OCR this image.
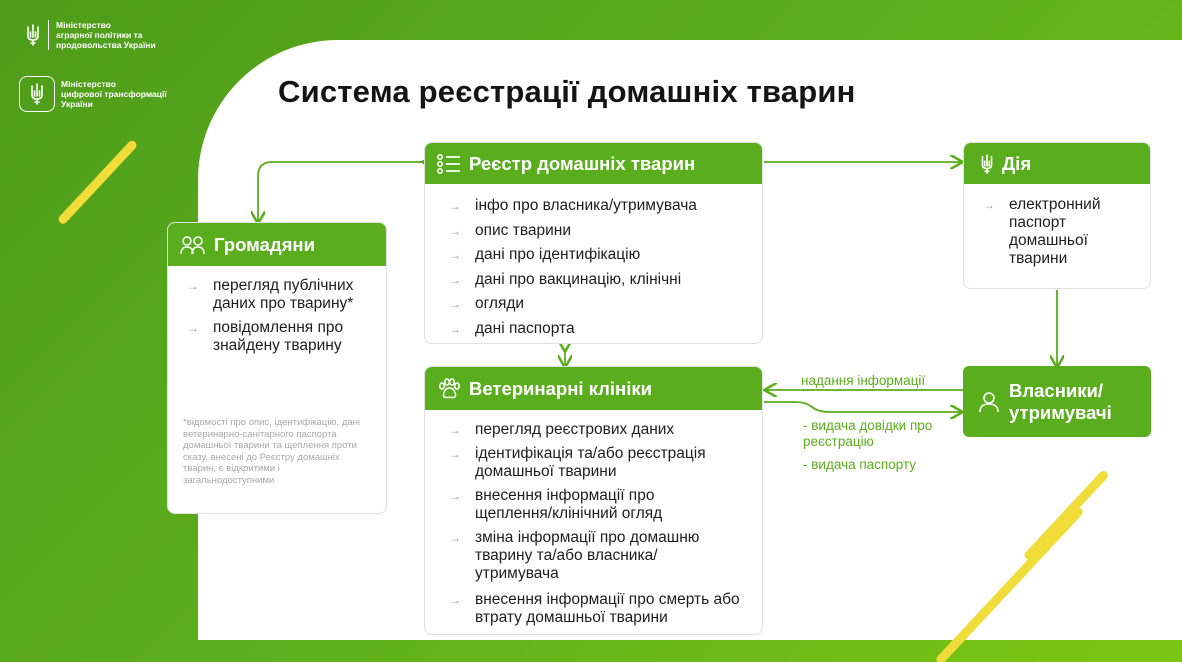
Міністерство
аграрної політики та
продовольства України
Міністерство
цифрової трансформації
України	Система реєстрації домашніх тварин
Реєстр домашніх тварин
→ інфо про власника/утримувача
→ опис тварини
→ дані про ідентифікацію
→ дані про вакцинацію, клінічні
→ огляди
→ дані паспорта
Громадяни
→ перегляд публічних даних про тварину*
→ повідомлення про знайдену тварину
*відомості про опис, ідентифікацію, дані ветеринарно-санітарного паспорта домашньої тварини та щеплення проти сказу, внесені до Реєстру домашніх тварин, є відкритими і загальнодоступними
Дія
→ електронний паспорт домашньої тварини
Ветеринарні клініки
→ перегляд реєстрових даних
→ ідентифікація та/або реєстрація домашньої тварини
→ внесення інформації про щеплення/клінічний огляд
→ зміна інформації про домашню тварину та/або власника/ утримувача
→ внесення інформації про смерть або втрату домашньої тварини
Власники/ утримувачі
надання інформації
- видача довідки про реєстрацію
- видача паспорту
